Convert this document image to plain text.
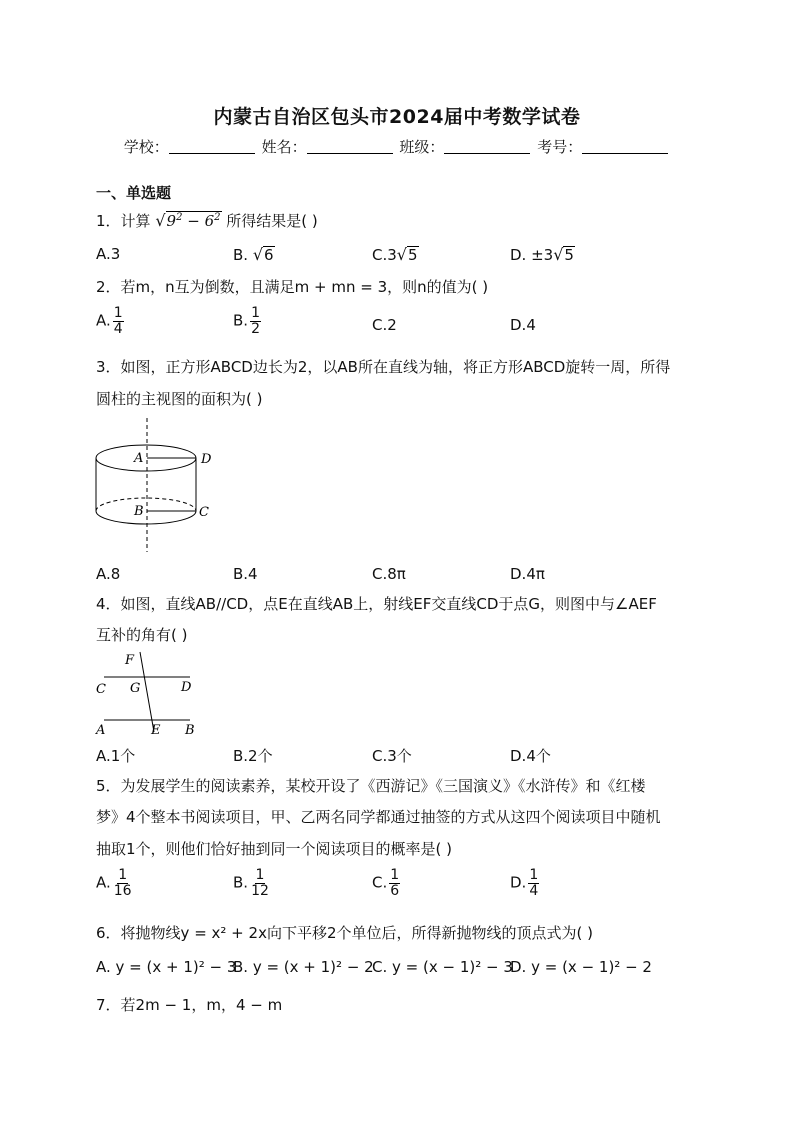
内蒙古自治区包头市2024届中考数学试卷
学校：	姓名：	班级：	考号：
一、单选题
1．计算 $√9^2 - 6^2$ 所得结果是( )
A.3	B. √6	C.3√5	D. ±3√5
2．若m，n互为倒数，且满足m + mn = 3，则n的值为( )
A. $\frac{1}{4}$	B. $\frac{1}{2}$	C.2	D.4
3．如图，正方形ABCD边长为2，以AB所在直线为轴，将正方形ABCD旋转一周，所得
圆柱的主视图的面积为( )
A	D
B	C
A.8	B.4	C.8π	D.4π
4．如图，直线AB//CD，点E在直线AB上，射线EF交直线CD于点G，则图中与∠AEF
互补的角有( )
F
C G	D
A	E B
A.1个	B.2个	C.3个	D.4个
5．为发展学生的阅读素养，某校开设了《西游记》《三国演义》《水浒传》和《红楼
梦》4个整本书阅读项目，甲、乙两名同学都通过抽签的方式从这四个阅读项目中随机
抽取1个，则他们恰好抽到同一个阅读项目的概率是( )
A. $\frac{1}{16}$	B. $\frac{1}{12}$	C. $\frac{1}{6}$	D. $\frac{1}{4}$
6．将抛物线y = x² + 2x向下平移2个单位后，所得新抛物线的顶点式为( )
A. y = (x + 1)² − 3
B. y = (x + 1)² − 2
C. y = (x − 1)² − 3
D. y = (x − 1)² − 2
7．若2m − 1，m，4 − m
